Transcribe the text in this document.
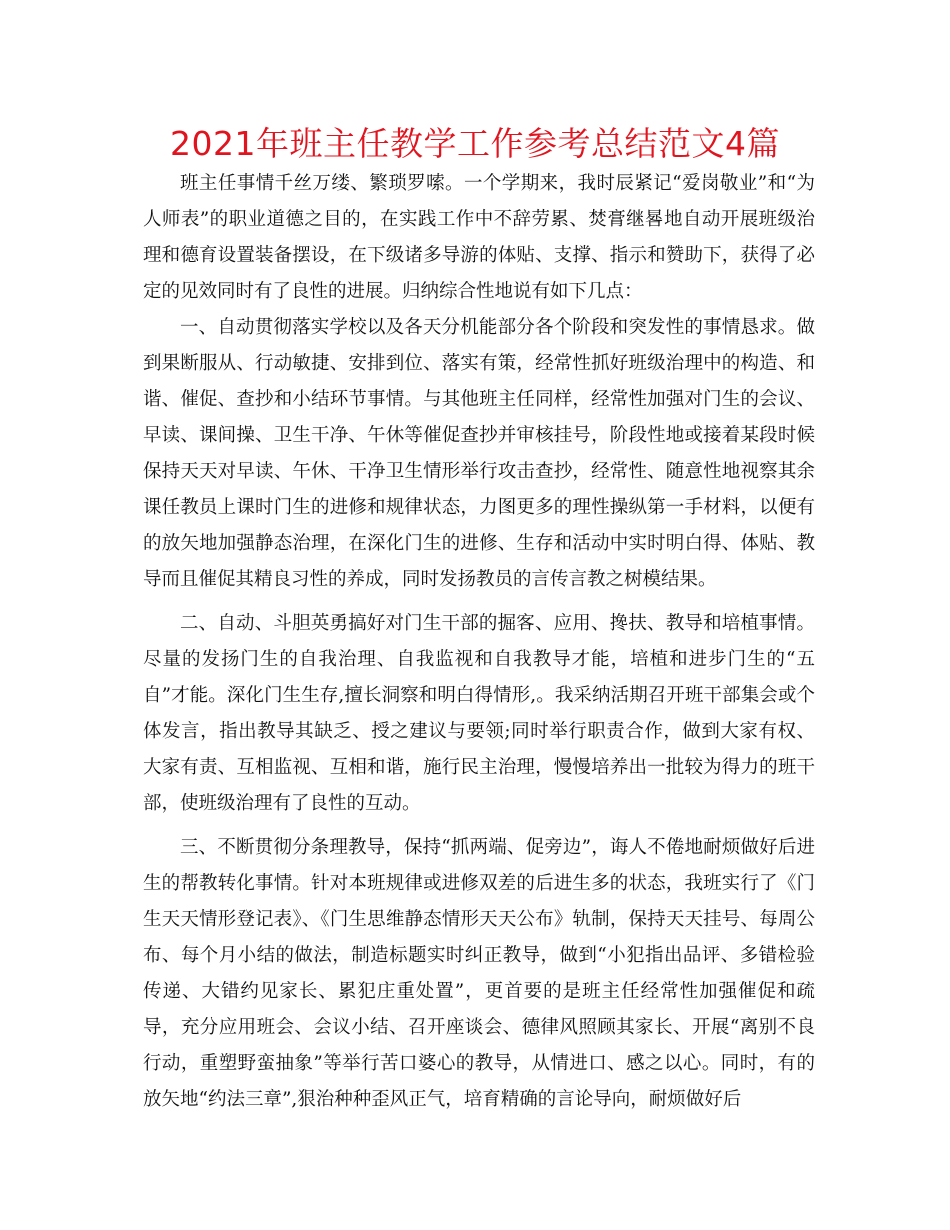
2021年班主任教学工作参考总结范文4篇

班主任事情千丝万缕、繁琐罗嗦。一个学期来，我时辰紧记“爱岗敬业”和“为人师表”的职业道德之目的，在实践工作中不辞劳累、焚膏继晷地自动开展班级治理和德育设置装备摆设，在下级诸多导游的体贴、支撑、指示和赞助下，获得了必定的见效同时有了良性的进展。归纳综合性地说有如下几点：

一、自动贯彻落实学校以及各天分机能部分各个阶段和突发性的事情恳求。做到果断服从、行动敏捷、安排到位、落实有策，经常性抓好班级治理中的构造、和谐、催促、查抄和小结环节事情。与其他班主任同样，经常性加强对门生的会议、早读、课间操、卫生干净、午休等催促查抄并审核挂号，阶段性地或接着某段时候保持天天对早读、午休、干净卫生情形举行攻击查抄，经常性、随意性地视察其余课任教员上课时门生的进修和规律状态，力图更多的理性操纵第一手材料，以便有的放矢地加强静态治理，在深化门生的进修、生存和活动中实时明白得、体贴、教导而且催促其精良习性的养成，同时发扬教员的言传言教之树模结果。

二、自动、斗胆英勇搞好对门生干部的掘客、应用、搀扶、教导和培植事情。尽量的发扬门生的自我治理、自我监视和自我教导才能，培植和进步门生的“五自”才能。深化门生生存,擅长洞察和明白得情形,。我采纳活期召开班干部集会或个体发言，指出教导其缺乏、授之建议与要领;同时举行职责合作，做到大家有权、大家有责、互相监视、互相和谐，施行民主治理，慢慢培养出一批较为得力的班干部，使班级治理有了良性的互动。

三、不断贯彻分条理教导，保持“抓两端、促旁边”，诲人不倦地耐烦做好后进生的帮教转化事情。针对本班规律或进修双差的后进生多的状态，我班实行了《门生天天情形登记表》、《门生思维静态情形天天公布》轨制，保持天天挂号、每周公布、每个月小结的做法，制造标题实时纠正教导，做到“小犯指出品评、多错检验传递、大错约见家长、累犯庄重处置”，更首要的是班主任经常性加强催促和疏导，充分应用班会、会议小结、召开座谈会、德律风照顾其家长、开展“离别不良行动，重塑野蛮抽象”等举行苦口婆心的教导，从情进口、感之以心。同时，有的放矢地“约法三章”,狠治种种歪风正气，培育精确的言论导向，耐烦做好后
